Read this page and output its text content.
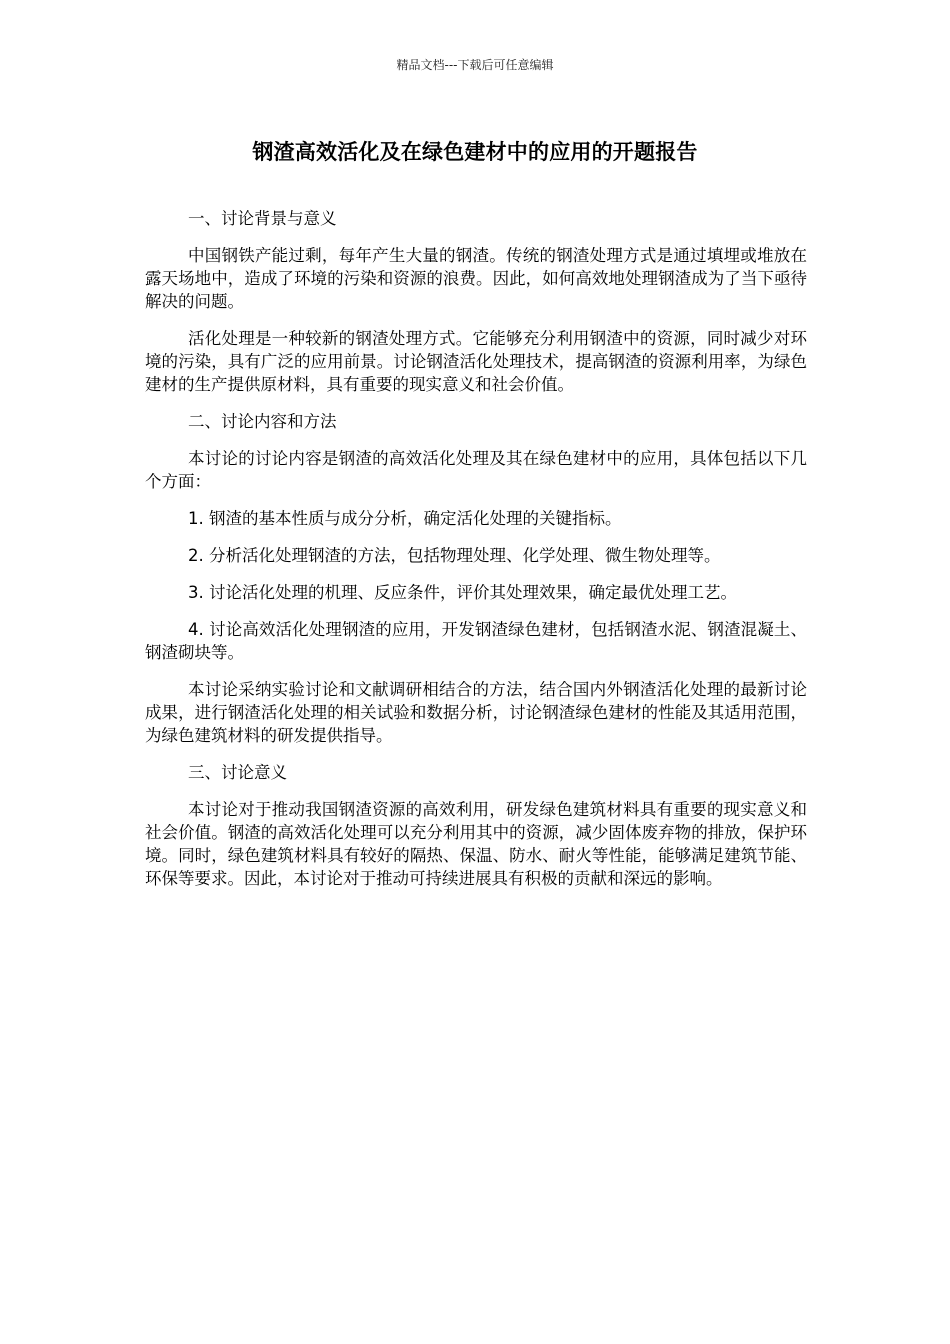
精品文档---下载后可任意编辑
钢渣高效活化及在绿色建材中的应用的开题报告

一、讨论背景与意义

中国钢铁产能过剩，每年产生大量的钢渣。传统的钢渣处理方式是通过填埋或堆放在露天场地中，造成了环境的污染和资源的浪费。因此，如何高效地处理钢渣成为了当下亟待解决的问题。

活化处理是一种较新的钢渣处理方式。它能够充分利用钢渣中的资源，同时减少对环境的污染，具有广泛的应用前景。讨论钢渣活化处理技术，提高钢渣的资源利用率，为绿色建材的生产提供原材料，具有重要的现实意义和社会价值。

二、讨论内容和方法

本讨论的讨论内容是钢渣的高效活化处理及其在绿色建材中的应用，具体包括以下几个方面：

1. 钢渣的基本性质与成分分析，确定活化处理的关键指标。

2. 分析活化处理钢渣的方法，包括物理处理、化学处理、微生物处理等。

3. 讨论活化处理的机理、反应条件，评价其处理效果，确定最优处理工艺。

4. 讨论高效活化处理钢渣的应用，开发钢渣绿色建材，包括钢渣水泥、钢渣混凝土、钢渣砌块等。

本讨论采纳实验讨论和文献调研相结合的方法，结合国内外钢渣活化处理的最新讨论成果，进行钢渣活化处理的相关试验和数据分析，讨论钢渣绿色建材的性能及其适用范围，为绿色建筑材料的研发提供指导。

三、讨论意义

本讨论对于推动我国钢渣资源的高效利用，研发绿色建筑材料具有重要的现实意义和社会价值。钢渣的高效活化处理可以充分利用其中的资源，减少固体废弃物的排放，保护环境。同时，绿色建筑材料具有较好的隔热、保温、防水、耐火等性能，能够满足建筑节能、环保等要求。因此，本讨论对于推动可持续进展具有积极的贡献和深远的影响。
